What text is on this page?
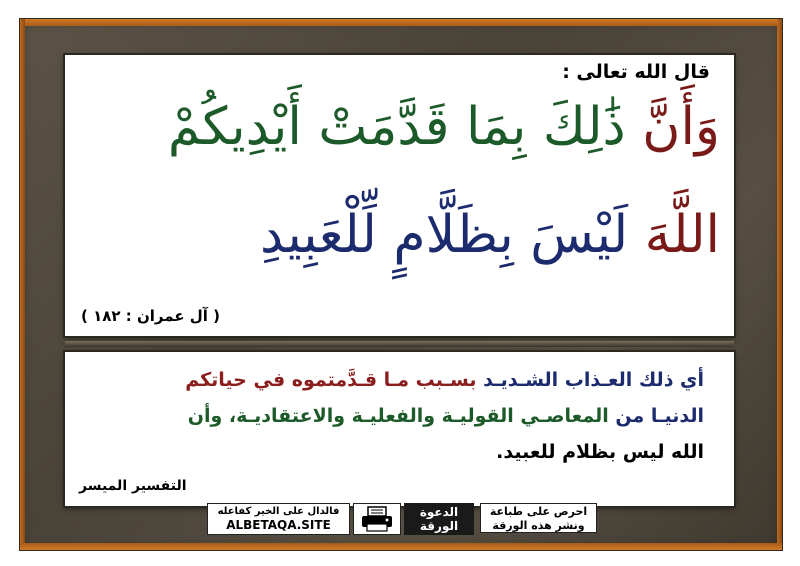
قال الله تعالى :
وَأَنَّ ذَٰلِكَ بِمَا قَدَّمَتْ أَيْدِيكُمْ
اللَّهَ لَيْسَ بِظَلَّامٍ لِّلْعَبِيدِ
( آل عمران : ١٨٢ )
أي ذلك العـذاب الشـديـد بسـبب مـا قـدَّمتموه في حياتكم
الدنيـا من المعاصـي القوليـة والفعليـة والاعتقاديـة، وأن
الله ليس بظلام للعبيد.
التفسير الميسر
احرص على طباعة
ونشر هذه الورقة
الدعوة
الورقة
فالدال على الخير كفاعله
ALBETAQA.SITE
